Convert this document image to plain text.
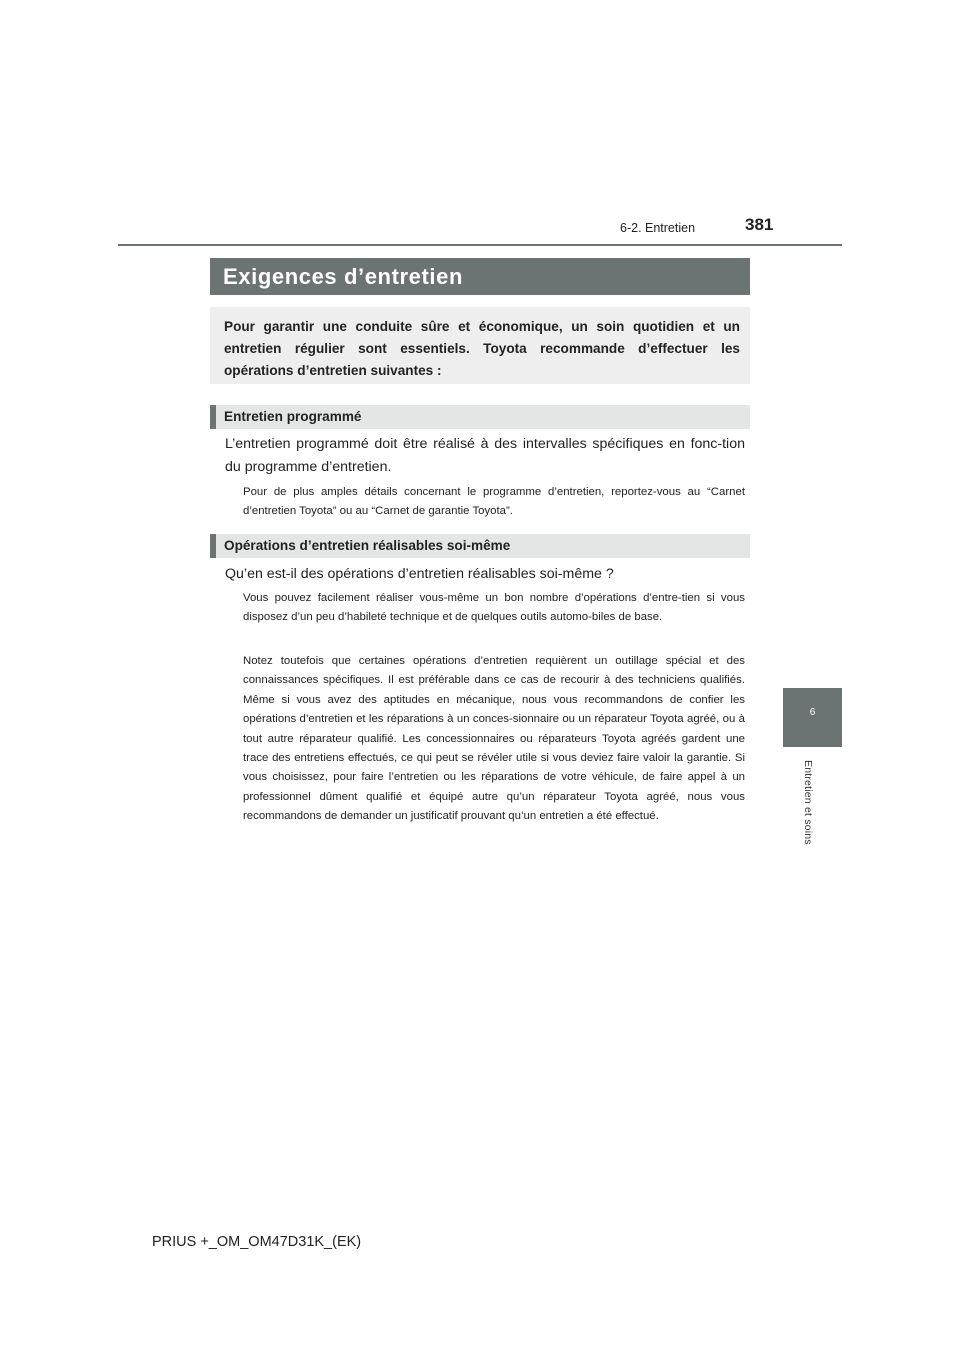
6-2. Entretien	381
6
Entretien et soins
Exigences d’entretien
Pour garantir une conduite sûre et économique, un soin quotidien et un entretien régulier sont essentiels. Toyota recommande d’effectuer les opérations d’entretien suivantes :
Entretien programmé
L’entretien programmé doit être réalisé à des intervalles spécifiques en fonc-tion du programme d’entretien.
Pour de plus amples détails concernant le programme d’entretien, reportez-vous au “Carnet d’entretien Toyota” ou au “Carnet de garantie Toyota”.
Opérations d’entretien réalisables soi-même
Qu’en est-il des opérations d’entretien réalisables soi-même ?
Vous pouvez facilement réaliser vous-même un bon nombre d’opérations d’entre-tien si vous disposez d’un peu d’habileté technique et de quelques outils automo-biles de base.
Notez toutefois que certaines opérations d’entretien requièrent un outillage spécial et des connaissances spécifiques. Il est préférable dans ce cas de recourir à des techniciens qualifiés. Même si vous avez des aptitudes en mécanique, nous vous recommandons de confier les opérations d’entretien et les réparations à un conces-sionnaire ou un réparateur Toyota agréé, ou à tout autre réparateur qualifié. Les concessionnaires ou réparateurs Toyota agréés gardent une trace des entretiens effectués, ce qui peut se révéler utile si vous deviez faire valoir la garantie. Si vous choisissez, pour faire l’entretien ou les réparations de votre véhicule, de faire appel à un professionnel dûment qualifié et équipé autre qu’un réparateur Toyota agréé, nous vous recommandons de demander un justificatif prouvant qu’un entretien a été effectué.
PRIUS +_OM_OM47D31K_(EK)
